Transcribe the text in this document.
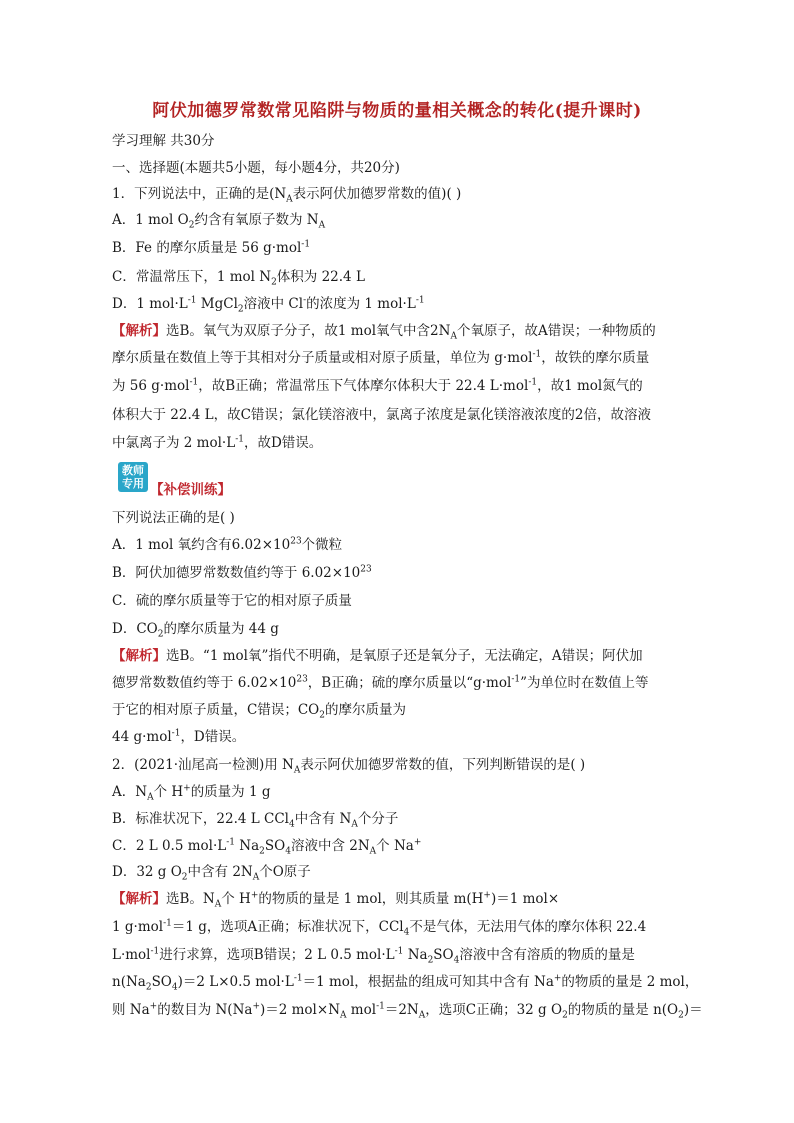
阿伏加德罗常数常见陷阱与物质的量相关概念的转化(提升课时)
学习理解 共30分
一、选择题(本题共5小题，每小题4分，共20分)
1．下列说法中，正确的是($N_A$表示阿伏加德罗常数的值)( )
A．1 mol $O_2$约含有氧原子数为 $N_A$
B．Fe 的摩尔质量是 56 g·mol$^{-1}$
C．常温常压下，1 mol $N_2$体积为 22.4 L
D．1 $mol\cdot L^{-1}$ MgCl$_2$溶液中 Cl-的浓度为 1 $mol\cdot L^{-1}$
【解析】选B。氧气为双原子分子，故1 mol氧气中含$2N_A$个氧原子，故A错误；一种物质的
摩尔质量在数值上等于其相对分子质量或相对原子质量，单位为 g·mol$^{-1}$，故铁的摩尔质量
为 56 g·mol$^{-1}$，故B正确；常温常压下气体摩尔体积大于 22.4 L·mol$^{-1}$，故1 mol氮气的
体积大于 22.4 L，故C错误；氯化镁溶液中，氯离子浓度是氯化镁溶液浓度的2倍，故溶液
中氯离子为 2 $mol\cdot L^{-1}$，故D错误。
教师
专用 【补偿训练】
下列说法正确的是( )
A．1 mol 氧约含有$6.02\times 10^{23}$个微粒
B．阿伏加德罗常数数值约等于 $6.02\times 10^{23}$
C．硫的摩尔质量等于它的相对原子质量
D．$CO_2$的摩尔质量为 44 g
【解析】选B。“1 mol氧”指代不明确，是氧原子还是氧分子，无法确定，A错误；阿伏加
德罗常数数值约等于 $6.02\times 10^{23}$，B正确；硫的摩尔质量以“g·mol$^{-1}$”为单位时在数值上等
于它的相对原子质量，C错误；$CO_2$的摩尔质量为
44 g·mol$^{-1}$，D错误。
2．(2021·汕尾高一检测)用 $N_A$表示阿伏加德罗常数的值，下列判断错误的是( )
A．$N_A$个 H+的质量为 1 g
B．标准状况下，22.4 L CCl$_4$中含有 $N_A$个分子
C．2 L 0.5 $mol\cdot L^{-1}$ $Na_2SO_4$溶液中含 $2N_A$个 Na+
D．32 g $O_2$中含有 $2N_A$个O原子
【解析】选B。$N_A$个 H+的物质的量是 1 mol，则其质量 m(H+)＝1 mol×
1 g·mol$^{-1}$＝1 g，选项A正确；标准状况下，CCl$_4$不是气体，无法用气体的摩尔体积 22.4
L·mol$^{-1}$进行求算，选项B错误；2 L 0.5 $mol\cdot L^{-1}$ $Na_2SO_4$溶液中含有溶质的物质的量是
$n(Na_2SO_4)=2$ L×0.5 $mol\cdot L^{-1}=1$ mol，根据盐的组成可知其中含有 Na+的物质的量是 2 mol，
则 Na+的数目为 N(Na+)＝2 $mol\times N_A$ $mol^{-1}=2N_A$，选项C正确；32 g $O_2$的物质的量是 $n(O_2)=$
